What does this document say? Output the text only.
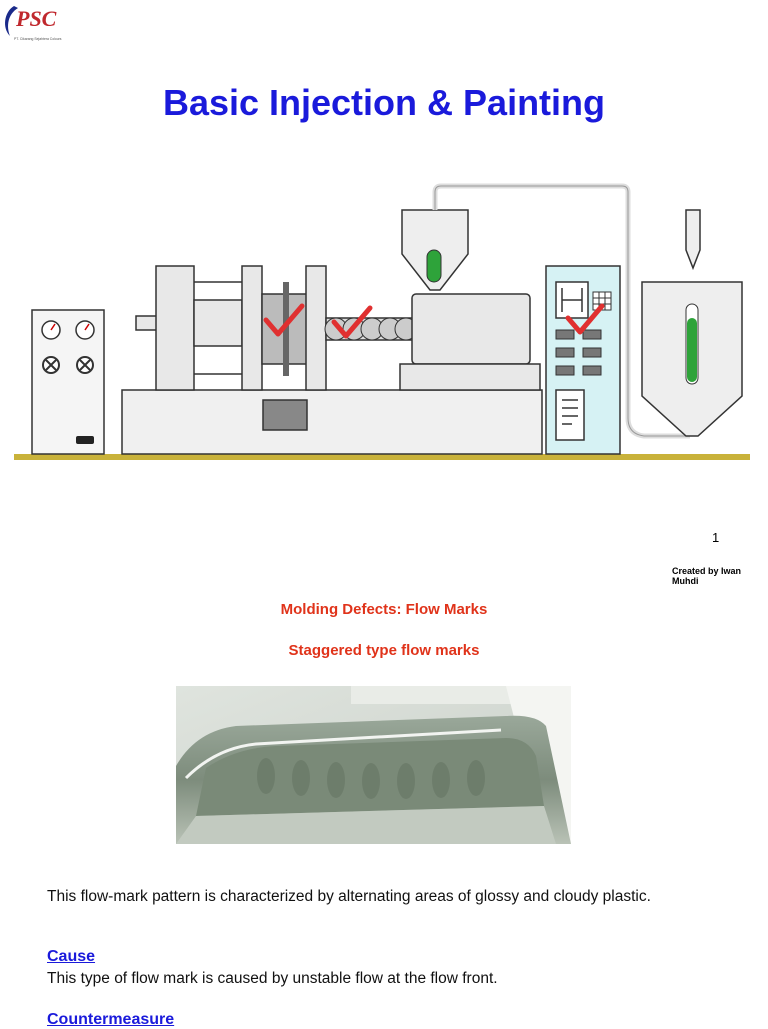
PSC
PT. Cikarang Sejahtera Colours
Basic Injection & Painting
1
Created by Iwan Muhdi
Molding Defects: Flow Marks
Staggered type flow marks

This flow-mark pattern is characterized by alternating areas of glossy and cloudy plastic.

Cause

This type of flow mark is caused by unstable flow at the flow front.

Countermeasure
